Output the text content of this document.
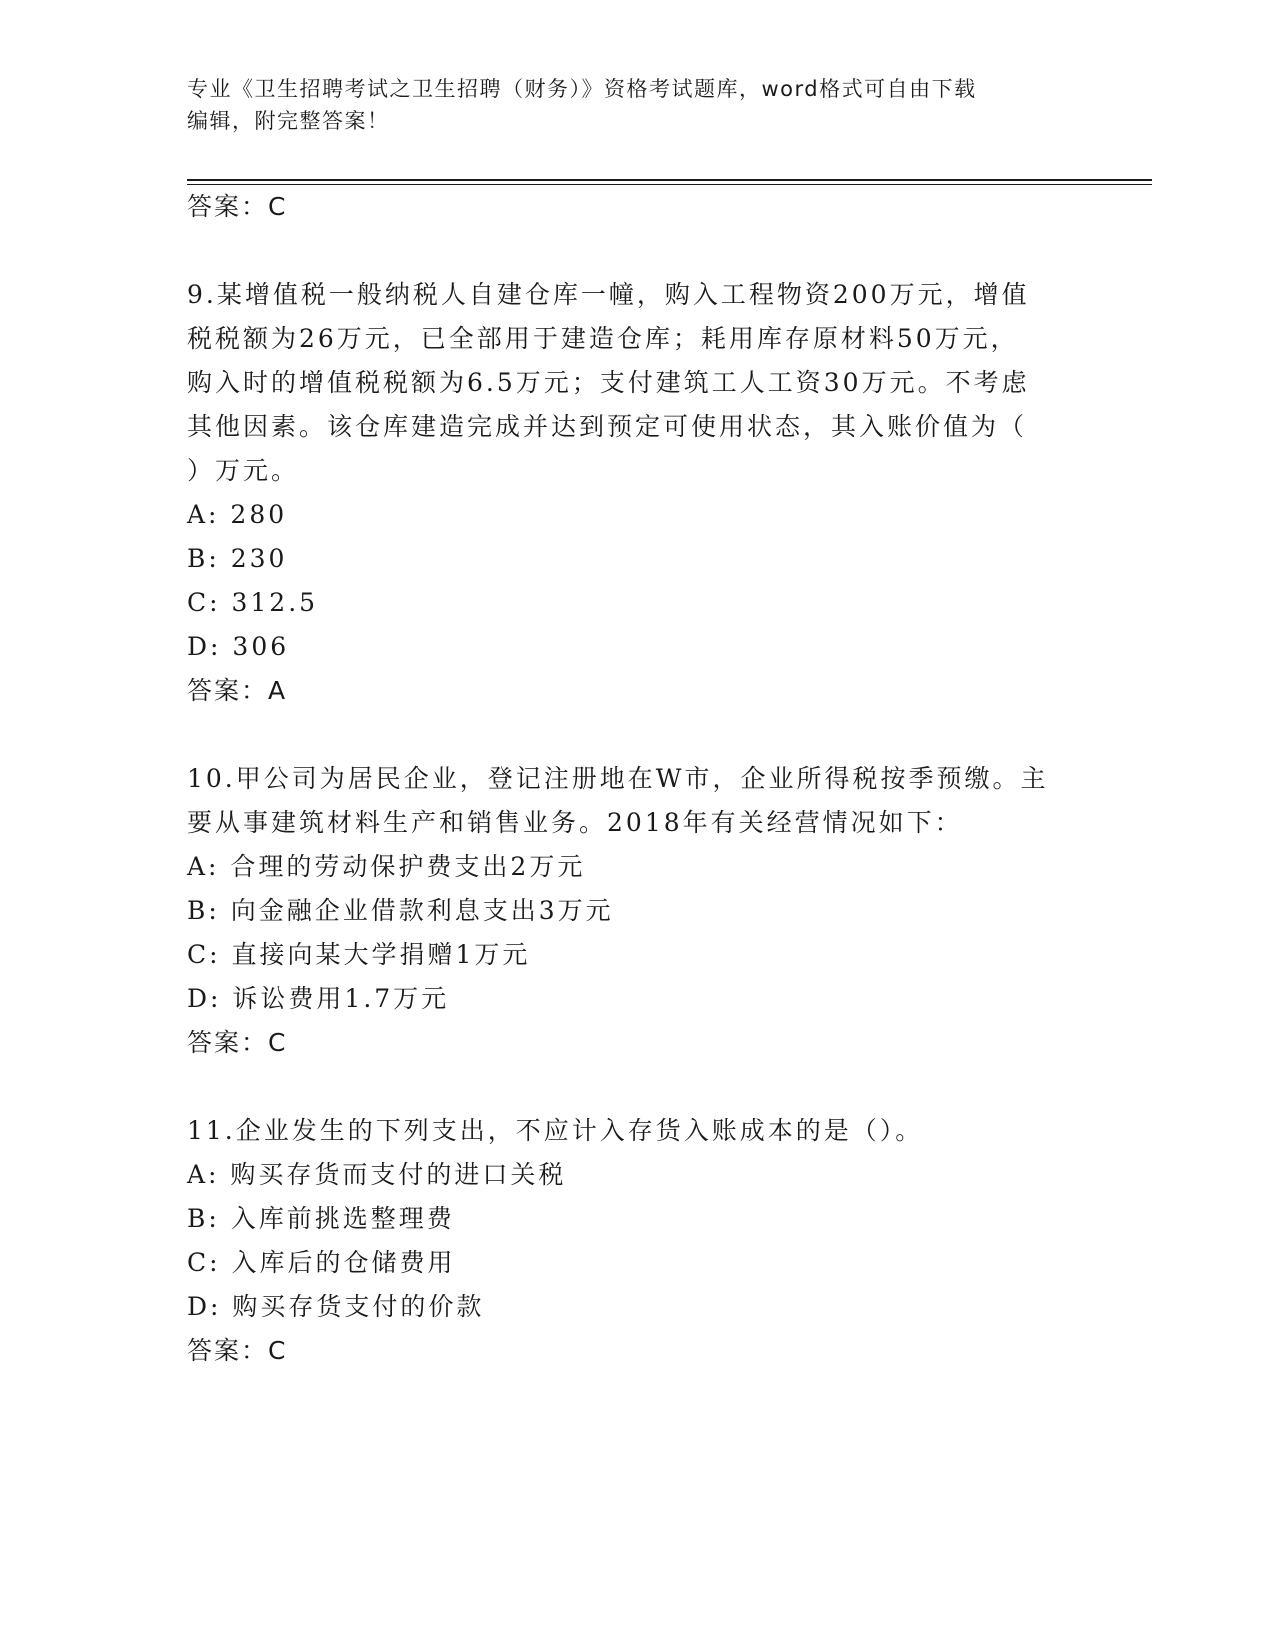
专业《卫生招聘考试之卫生招聘（财务）》资格考试题库，word格式可自由下载
编辑，附完整答案！
答案：C
9.某增值税一般纳税人自建仓库一幢，购入工程物资200万元，增值
税税额为26万元，已全部用于建造仓库；耗用库存原材料50万元，
购入时的增值税税额为6.5万元；支付建筑工人工资30万元。不考虑
其他因素。该仓库建造完成并达到预定可使用状态，其入账价值为（
）万元。
A: 280
B: 230
C: 312.5
D: 306
答案：A
10.甲公司为居民企业，登记注册地在W市，企业所得税按季预缴。主
要从事建筑材料生产和销售业务。2018年有关经营情况如下：
A: 合理的劳动保护费支出2万元
B: 向金融企业借款利息支出3万元
C: 直接向某大学捐赠1万元
D: 诉讼费用1.7万元
答案：C
11.企业发生的下列支出，不应计入存货入账成本的是（）。
A: 购买存货而支付的进口关税
B: 入库前挑选整理费
C: 入库后的仓储费用
D: 购买存货支付的价款
答案：C
